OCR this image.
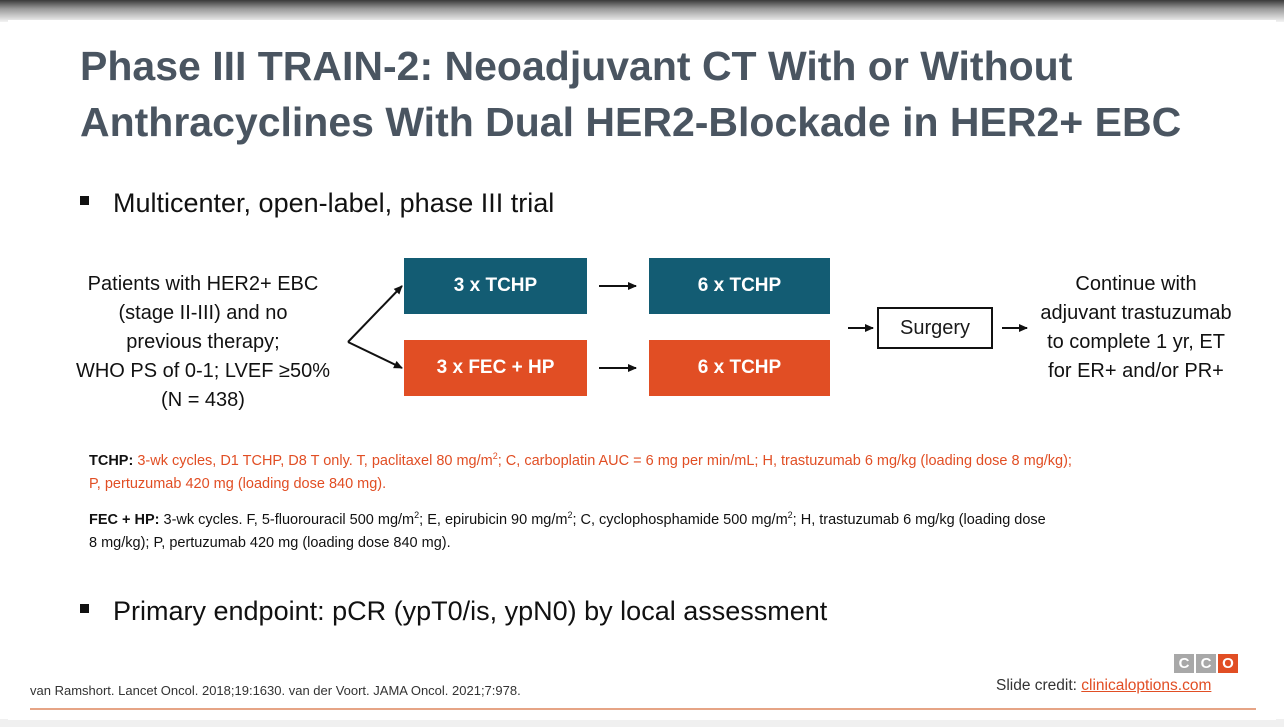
Phase III TRAIN-2: Neoadjuvant CT With or Without
Anthracyclines With Dual HER2-Blockade in HER2+ EBC
Multicenter, open-label, phase III trial
Patients with HER2+ EBC
(stage II-III) and no
previous therapy;
WHO PS of 0-1; LVEF ≥50%
(N = 438)
3 x TCHP	6 x TCHP
3 x FEC + HP	6 x TCHP
Surgery
Continue with
adjuvant trastuzumab
to complete 1 yr, ET
for ER+ and/or PR+
TCHP: 3-wk cycles, D1 TCHP, D8 T only. T, paclitaxel 80 $mg/m^2$; C, carboplatin AUC = 6 mg per min/mL; H, trastuzumab 6 mg/kg (loading dose 8 mg/kg);
P, pertuzumab 420 mg (loading dose 840 mg).
FEC + HP: 3-wk cycles. F, 5-fluorouracil 500 $mg/m^2$; E, epirubicin 90 $mg/m^2$; C, cyclophosphamide 500 $mg/m^2$; H, trastuzumab 6 mg/kg (loading dose
8 mg/kg); P, pertuzumab 420 mg (loading dose 840 mg).
Primary endpoint: pCR (ypT0/is, ypN0) by local assessment
C C O
van Ramshort. Lancet Oncol. 2018;19:1630. van der Voort. JAMA Oncol. 2021;7:978.	Slide credit: clinicaloptions.com
